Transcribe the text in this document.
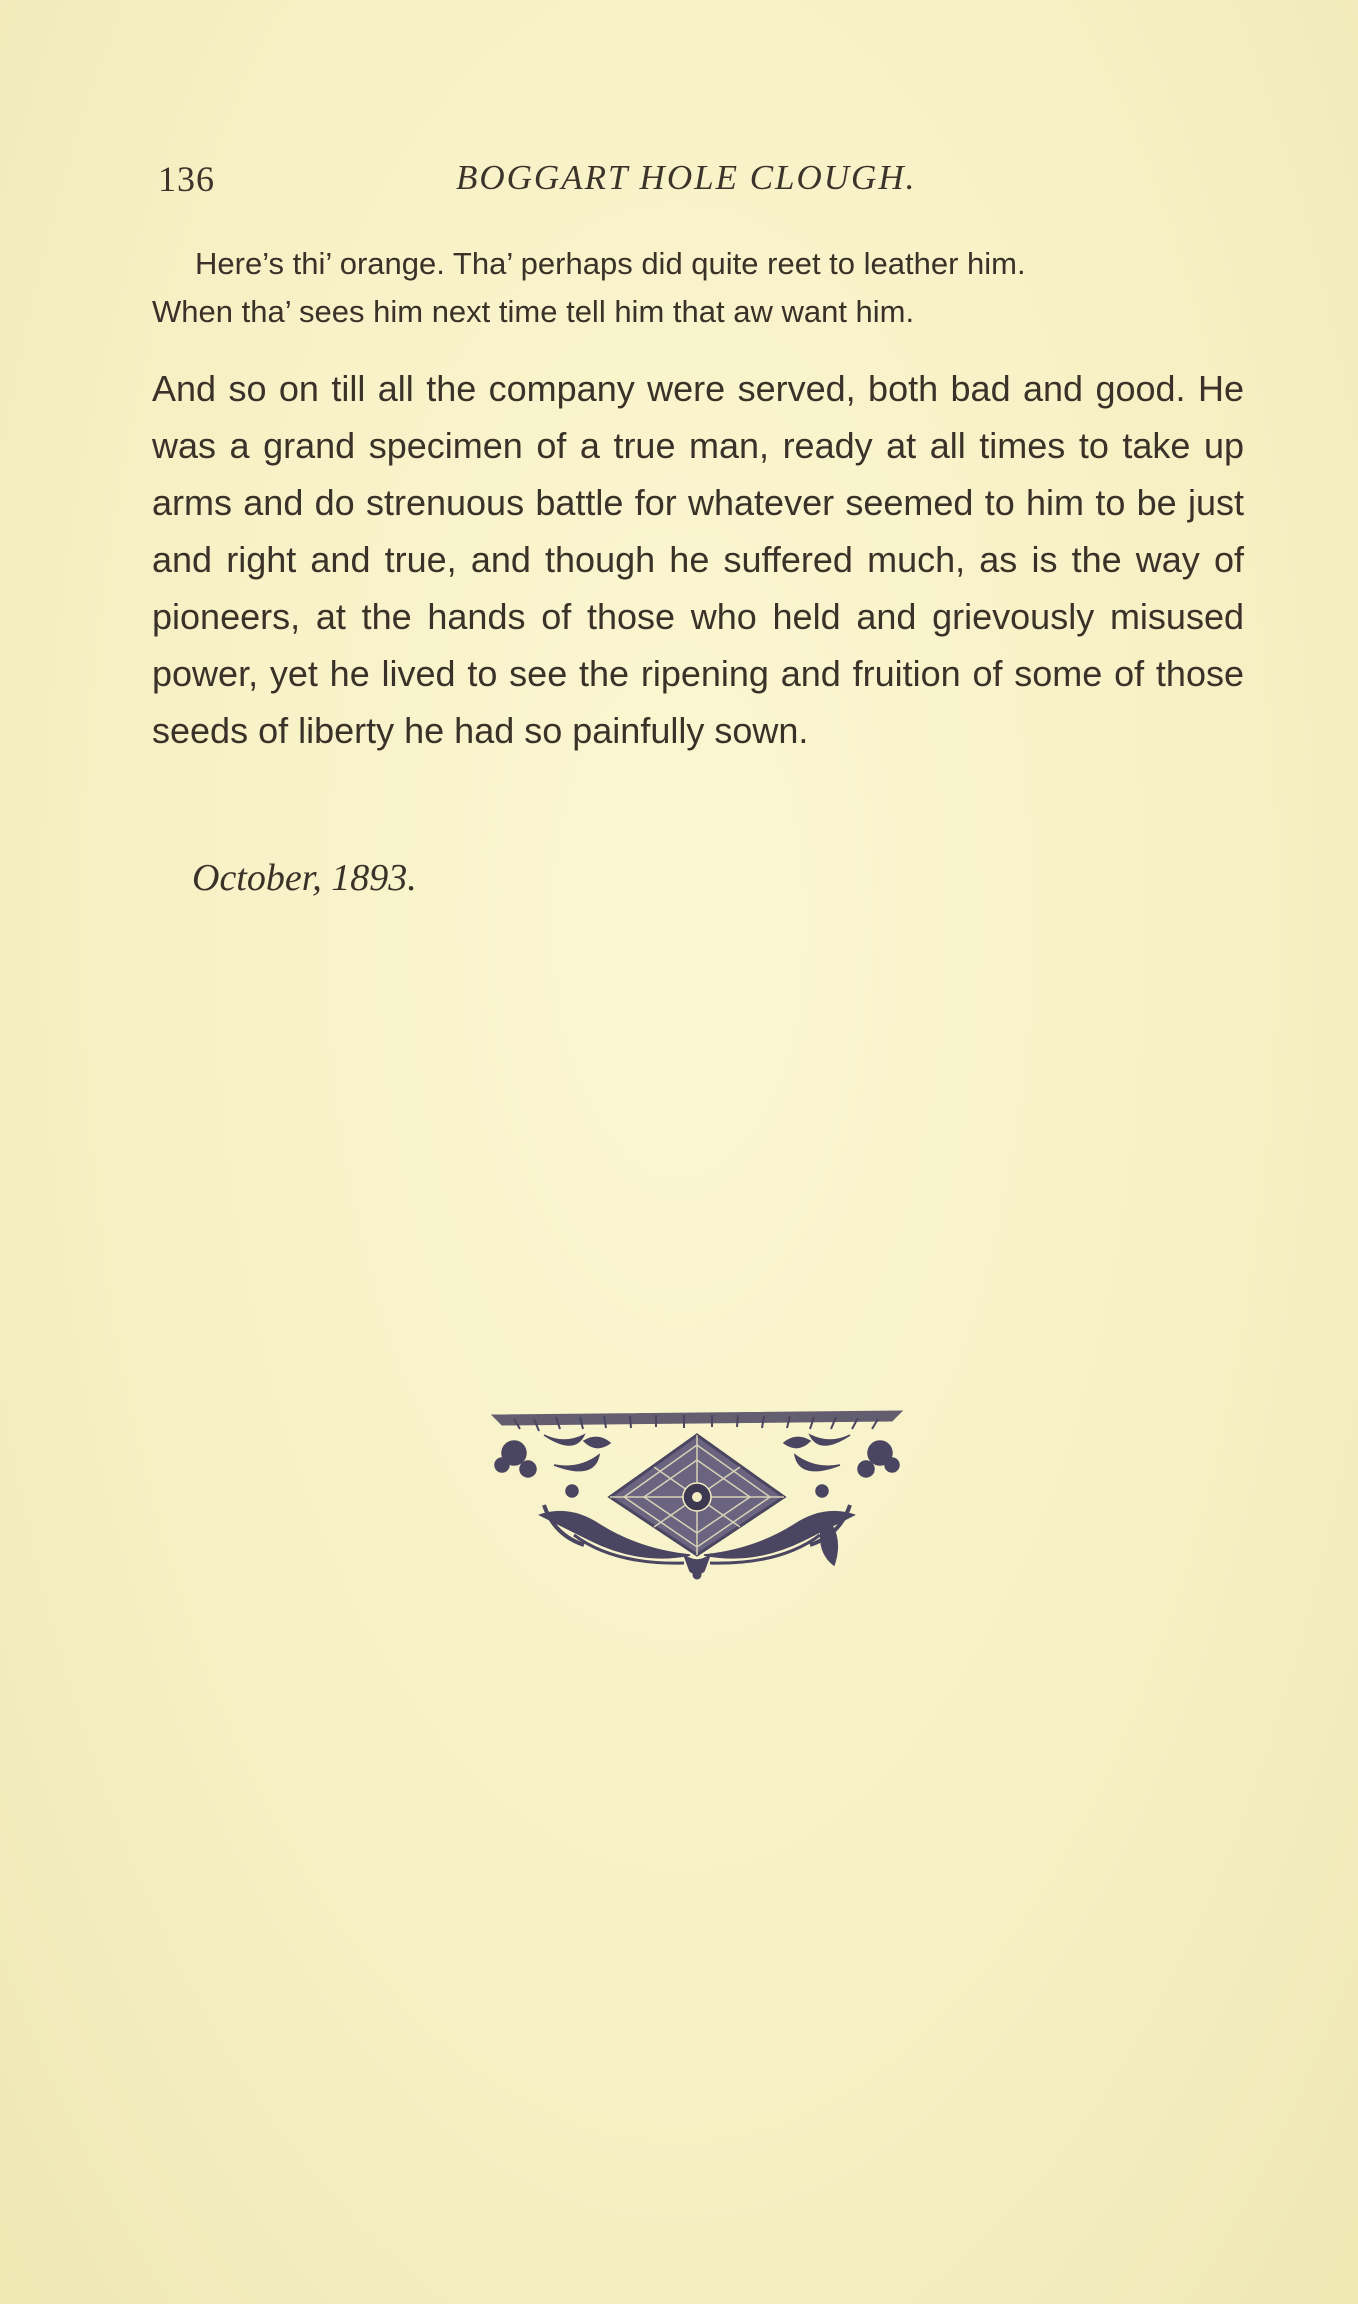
136	BOGGART HOLE CLOUGH.

Here’s thi’ orange. Tha’ perhaps did quite reet to leather him.

When tha’ sees him next time tell him that aw want him.

And so on till all the company were served, both bad and good. He was a grand specimen of a true man, ready at all times to take up arms and do strenuous battle for whatever seemed to him to be just and right and true, and though he suffered much, as is the way of pioneers, at the hands of those who held and grievously misused power, yet he lived to see the ripening and fruition of some of those seeds of liberty he had so painfully sown.

October, 1893.
